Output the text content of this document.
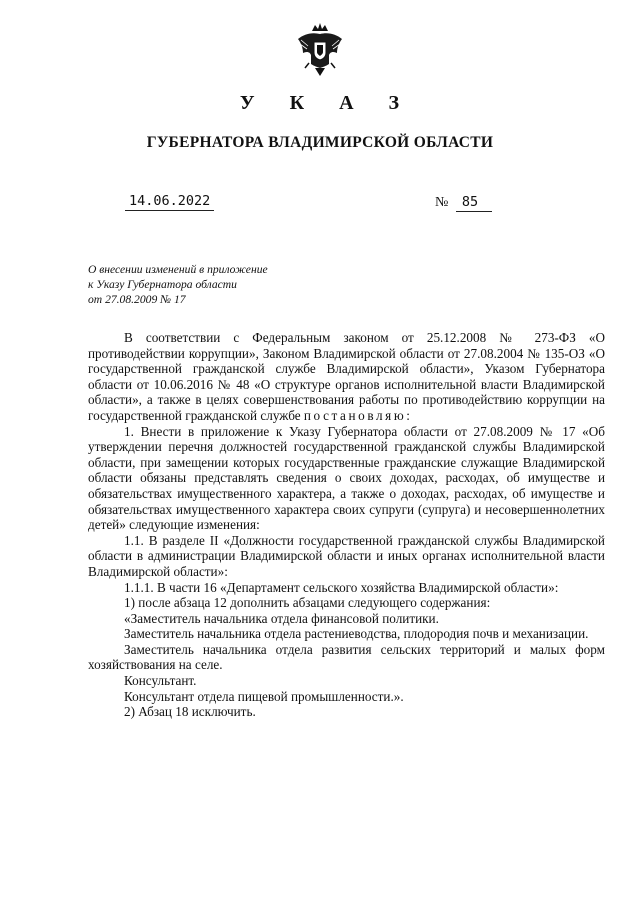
У К А З
ГУБЕРНАТОРА ВЛАДИМИРСКОЙ ОБЛАСТИ
14.06.2022	№ 85
О внесении изменений в приложение
к Указу Губернатора области
от 27.08.2009 № 17

В соответствии с Федеральным законом от 25.12.2008 № 273-ФЗ «О противодействии коррупции», Законом Владимирской области от 27.08.2004 № 135-ОЗ «О государственной гражданской службе Владимирской области», Указом Губернатора области от 10.06.2016 № 48 «О структуре органов исполнительной власти Владимирской области», а также в целях совершенствования работы по противодействию коррупции на государственной гражданской службе постановляю:

1. Внести в приложение к Указу Губернатора области от 27.08.2009 № 17 «Об утверждении перечня должностей государственной гражданской службы Владимирской области, при замещении которых государственные гражданские служащие Владимирской области обязаны представлять сведения о своих доходах, расходах, об имуществе и обязательствах имущественного характера, а также о доходах, расходах, об имуществе и обязательствах имущественного характера своих супруги (супруга) и несовершеннолетних детей» следующие изменения:

1.1. В разделе II «Должности государственной гражданской службы Владимирской области в администрации Владимирской области и иных органах исполнительной власти Владимирской области»:

1.1.1. В части 16 «Департамент сельского хозяйства Владимирской области»:

1) после абзаца 12 дополнить абзацами следующего содержания:

«Заместитель начальника отдела финансовой политики.

Заместитель начальника отдела растениеводства, плодородия почв и механизации.

Заместитель начальника отдела развития сельских территорий и малых форм хозяйствования на селе.

Консультант.

Консультант отдела пищевой промышленности.».

2) Абзац 18 исключить.
